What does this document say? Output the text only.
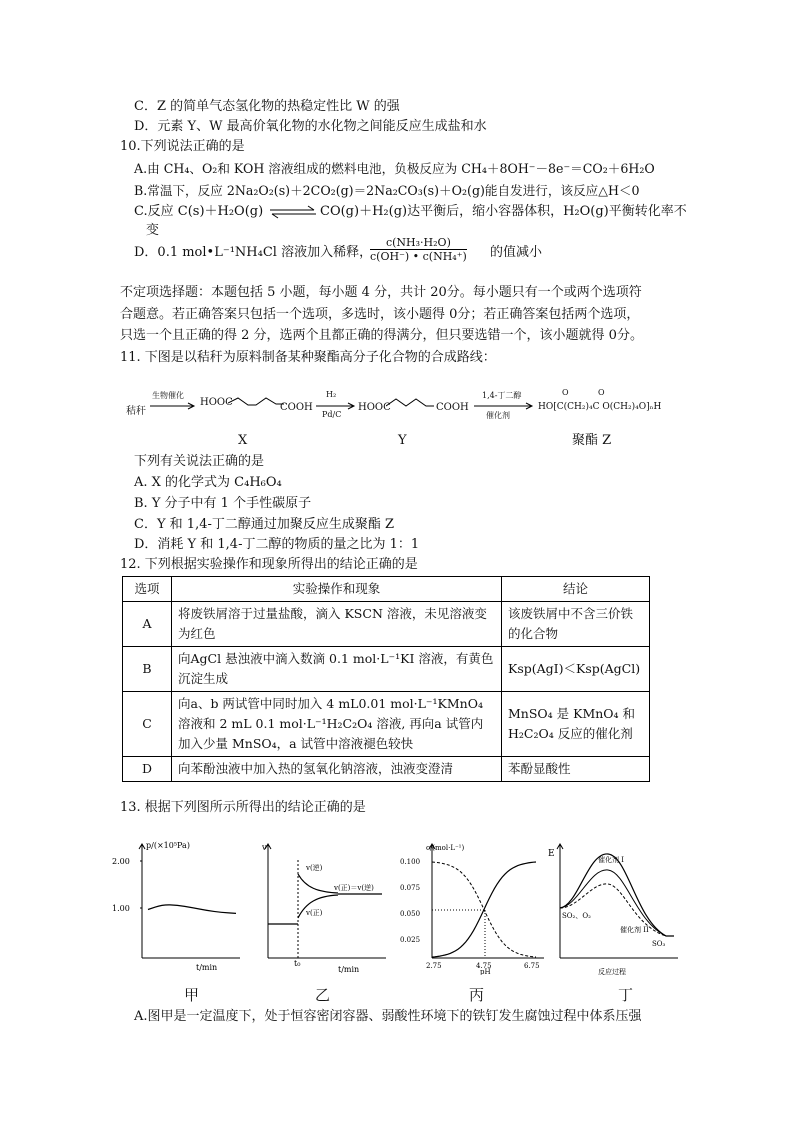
C．Z 的简单气态氢化物的热稳定性比 W 的强
D．元素 Y、W 最高价氧化物的水化物之间能反应生成盐和水
10.下列说法正确的是
A.由 CH₄、O₂和 KOH 溶液组成的燃料电池，负极反应为 CH₄＋8OH⁻－8e⁻＝CO₂＋6H₂O
B.常温下，反应 2Na₂O₂(s)＋2CO₂(g)＝2Na₂CO₃(s)＋O₂(g)能自发进行，该反应△H＜0
C.反应 C(s)＋H₂O(g) ⇌ CO(g)＋H₂(g)达平衡后，缩小容器体积，H₂O(g)平衡转化率不
变
D．0.1 mol•L⁻¹NH₄Cl 溶液加入稀释，
$\frac{\text{c(NH₃·H₂O)}}{\text{c(OH⁻) • c(NH₄⁺)}}$ 的值减小
不定项选择题：本题包括 5 小题，每小题 4 分，共计 20分。每小题只有一个或两个选项符
合题意。若正确答案只包括一个选项，多选时，该小题得 0分；若正确答案包括两个选项，
只选一个且正确的得 2 分，选两个且都正确的得满分，但只要选错一个，该小题就得 0分。
11. 下图是以秸秆为原料制备某种聚酯高分子化合物的合成路线：
秸秆
生物催化
HOOC	COOH
H₂
Pd/C
HOOC	COOH
1,4-丁二醇
催化剂
O	O
HO[C(CH₂)₄C O(CH₂)₄O]ₙH
X	Y	聚酯 Z
下列有关说法正确的是
A. X 的化学式为 C₄H₆O₄
B. Y 分子中有 1 个手性碳原子
C．Y 和 1,4-丁二醇通过加聚反应生成聚酯 Z
D．消耗 Y 和 1,4-丁二醇的物质的量之比为 1：1
12. 下列根据实验操作和现象所得出的结论正确的是
选项	实验操作和现象	结论
A	将废铁屑溶于过量盐酸，滴入 KSCN 溶液，未见溶液变为红色	该废铁屑中不含三价铁的化合物
B	向AgCl 悬浊液中滴入数滴 0.1 mol·L⁻¹KI 溶液，有黄色沉淀生成	Ksp(AgI)＜Ksp(AgCl)
C	向a、b 两试管中同时加入 4 mL0.01 mol·L⁻¹KMnO₄溶液和 2 mL 0.1 mol·L⁻¹H₂C₂O₄ 溶液, 再向a 试管内加入少量 MnSO₄，a 试管中溶液褪色较快	MnSO₄ 是 KMnO₄ 和 H₂C₂O₄ 反应的催化剂
D	向苯酚浊液中加入热的氢氧化钠溶液，浊液变澄清	苯酚显酸性
13. 根据下列图所示所得出的结论正确的是
p/(×10⁵Pa)
2.00
1.00
t/min
v
t/min
t₀
v(逆)
v(正)
v(正)＝v(逆)
c/(mol·L⁻¹)
0.100
0.075
0.050
0.025
2.75	4.75	6.75
pH
E
反应过程
催化剂 I
催化剂 II
SO₂、O₂
SO₃
甲	乙	丙	丁
A.图甲是一定温度下，处于恒容密闭容器、弱酸性环境下的铁钉发生腐蚀过程中体系压强
